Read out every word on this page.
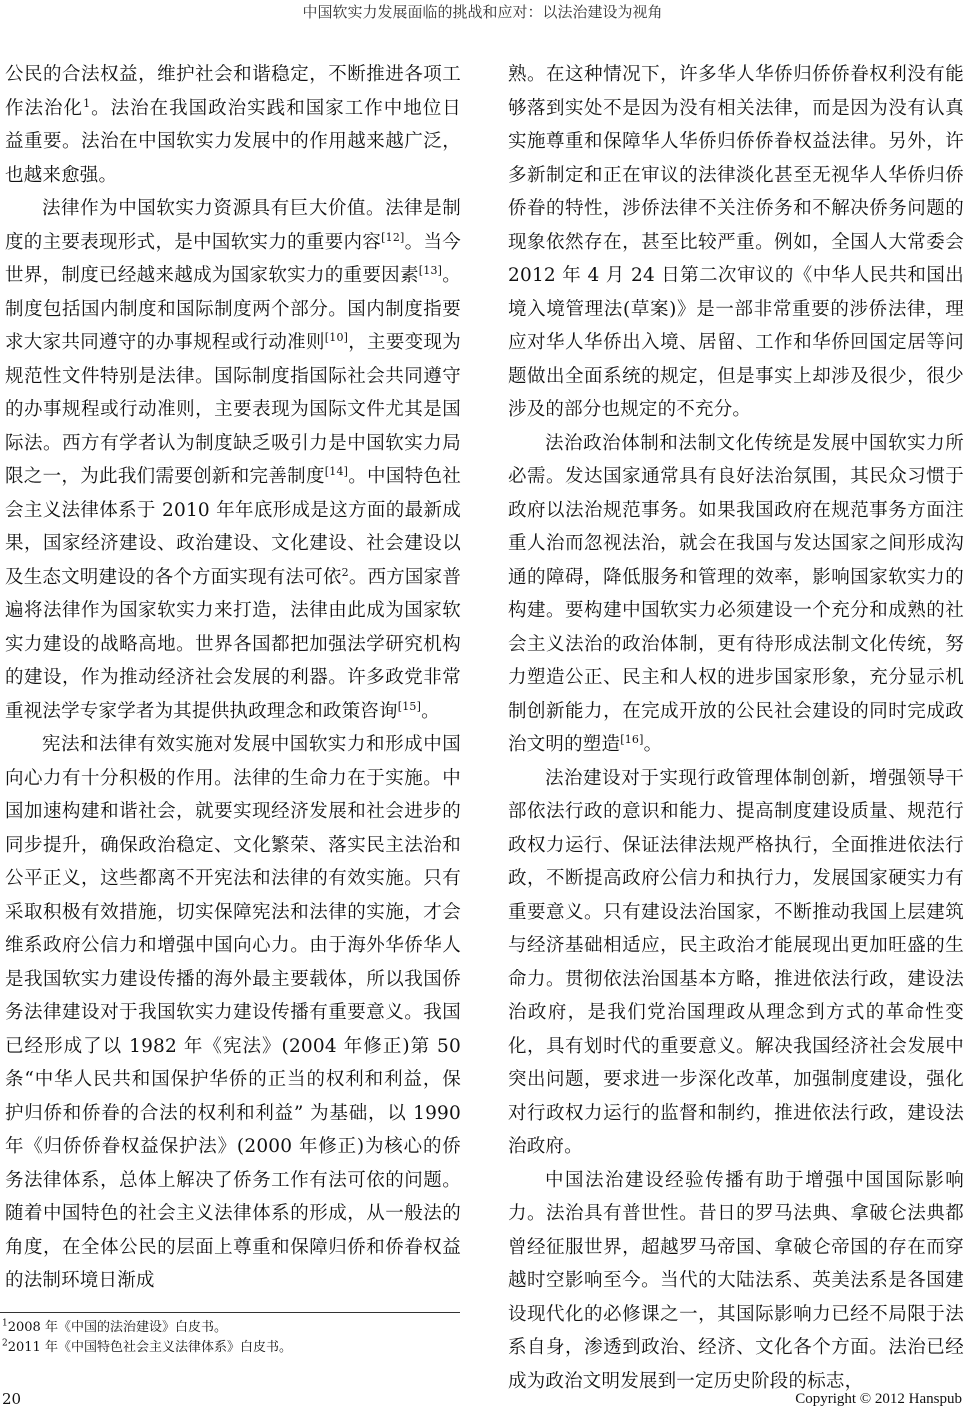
中国软实力发展面临的挑战和应对：以法治建设为视角

公民的合法权益，维护社会和谐稳定，不断推进各项工作法治化$^1$。法治在我国政治实践和国家工作中地位日益重要。法治在中国软实力发展中的作用越来越广泛，也越来愈强。

法律作为中国软实力资源具有巨大价值。法律是制度的主要表现形式，是中国软实力的重要内容[12]。当今世界，制度已经越来越成为国家软实力的重要因素[13]。制度包括国内制度和国际制度两个部分。国内制度指要求大家共同遵守的办事规程或行动准则[10]，主要变现为规范性文件特别是法律。国际制度指国际社会共同遵守的办事规程或行动准则，主要表现为国际文件尤其是国际法。西方有学者认为制度缺乏吸引力是中国软实力局限之一，为此我们需要创新和完善制度[14]。中国特色社会主义法律体系于 2010 年年底形成是这方面的最新成果，国家经济建设、政治建设、文化建设、社会建设以及生态文明建设的各个方面实现有法可依$^2$。西方国家普遍将法律作为国家软实力来打造，法律由此成为国家软实力建设的战略高地。世界各国都把加强法学研究机构的建设，作为推动经济社会发展的利器。许多政党非常重视法学专家学者为其提供执政理念和政策咨询[15]。

宪法和法律有效实施对发展中国软实力和形成中国向心力有十分积极的作用。法律的生命力在于实施。中国加速构建和谐社会，就要实现经济发展和社会进步的同步提升，确保政治稳定、文化繁荣、落实民主法治和公平正义，这些都离不开宪法和法律的有效实施。只有采取积极有效措施，切实保障宪法和法律的实施，才会维系政府公信力和增强中国向心力。由于海外华侨华人是我国软实力建设传播的海外最主要载体，所以我国侨务法律建设对于我国软实力建设传播有重要意义。我国已经形成了以 1982 年《宪法》(2004 年修正)第 50 条“中华人民共和国保护华侨的正当的权利和利益，保护归侨和侨眷的合法的权利和利益” 为基础，以 1990 年《归侨侨眷权益保护法》(2000 年修正)为核心的侨务法律体系，总体上解决了侨务工作有法可依的问题。随着中国特色的社会主义法律体系的形成，从一般法的角度，在全体公民的层面上尊重和保障归侨和侨眷权益的法制环境日渐成

熟。在这种情况下，许多华人华侨归侨侨眷权利没有能够落到实处不是因为没有相关法律，而是因为没有认真实施尊重和保障华人华侨归侨侨眷权益法律。另外，许多新制定和正在审议的法律淡化甚至无视华人华侨归侨侨眷的特性，涉侨法律不关注侨务和不解决侨务问题的现象依然存在，甚至比较严重。例如，全国人大常委会 2012 年 4 月 24 日第二次审议的《中华人民共和国出境入境管理法(草案)》是一部非常重要的涉侨法律，理应对华人华侨出入境、居留、工作和华侨回国定居等问题做出全面系统的规定，但是事实上却涉及很少，很少涉及的部分也规定的不充分。

法治政治体制和法制文化传统是发展中国软实力所必需。发达国家通常具有良好法治氛围，其民众习惯于政府以法治规范事务。如果我国政府在规范事务方面注重人治而忽视法治，就会在我国与发达国家之间形成沟通的障碍，降低服务和管理的效率，影响国家软实力的构建。要构建中国软实力必须建设一个充分和成熟的社会主义法治的政治体制，更有待形成法制文化传统，努力塑造公正、民主和人权的进步国家形象，充分显示机制创新能力，在完成开放的公民社会建设的同时完成政治文明的塑造[16]。

法治建设对于实现行政管理体制创新，增强领导干部依法行政的意识和能力、提高制度建设质量、规范行政权力运行、保证法律法规严格执行，全面推进依法行政，不断提高政府公信力和执行力，发展国家硬实力有重要意义。只有建设法治国家，不断推动我国上层建筑与经济基础相适应，民主政治才能展现出更加旺盛的生命力。贯彻依法治国基本方略，推进依法行政，建设法治政府，是我们党治国理政从理念到方式的革命性变化，具有划时代的重要意义。解决我国经济社会发展中突出问题，要求进一步深化改革，加强制度建设，强化对行政权力运行的监督和制约，推进依法行政，建设法治政府。

中国法治建设经验传播有助于增强中国国际影响力。法治具有普世性。昔日的罗马法典、拿破仑法典都曾经征服世界，超越罗马帝国、拿破仑帝国的存在而穿越时空影响至今。当代的大陆法系、英美法系是各国建设现代化的必修课之一，其国际影响力已经不局限于法系自身，渗透到政治、经济、文化各个方面。法治已经成为政治文明发展到一定历史阶段的标志，

$^1$2008 年《中国的法治建设》白皮书。
$^2$2011 年《中国特色社会主义法律体系》白皮书。
20	Copyright © 2012 Hanspub
